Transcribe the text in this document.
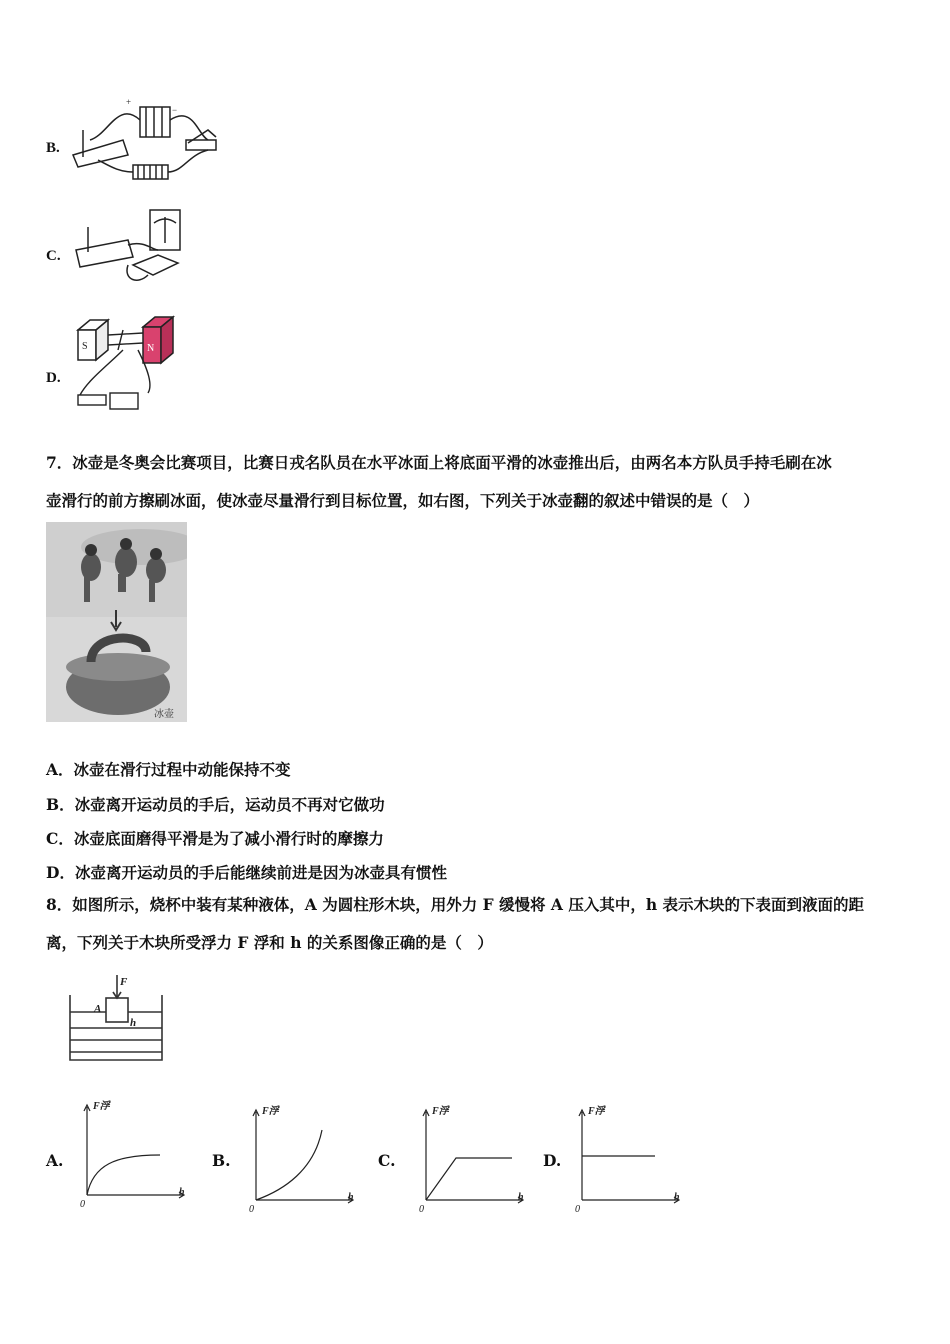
B.
+
−
C.
D.
S	N
7．冰壶是冬奥会比赛项目，比赛日戎名队员在水平冰面上将底面平滑的冰壶推出后，由两名本方队员手持毛刷在冰
壶滑行的前方擦刷冰面，使冰壶尽量滑行到目标位置，如右图，下列关于冰壶翻的叙述中错误的是（　）
冰壶
A．冰壶在滑行过程中动能保持不变
B．冰壶离开运动员的手后，运动员不再对它做功
C．冰壶底面磨得平滑是为了减小滑行时的摩擦力
D．冰壶离开运动员的手后能继续前进是因为冰壶具有惯性
8．如图所示，烧杯中装有某种液体，A 为圆柱形木块，用外力 F 缓慢将 A 压入其中，h 表示木块的下表面到液面的距
离，下列关于木块所受浮力 F 浮和 h 的关系图像正确的是（　）
F
A
h
A.
F浮
h
0
B.
F浮
h
0
C.
F浮
h
0
D.
F浮
h
0
